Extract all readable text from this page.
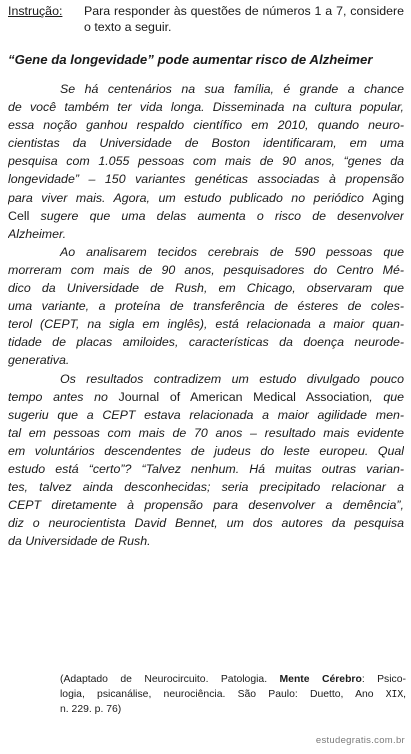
Instrução:	Para responder às questões de números 1 a 7, considere o texto a seguir.
“Gene da longevidade” pode aumentar risco de Alzheimer
Se há centenários na sua família, é grande a chance
de você também ter vida longa. Disseminada na cultura popular,
essa noção ganhou respaldo científico em 2010, quando neuro-
cientistas da Universidade de Boston identificaram, em uma
pesquisa com 1.055 pessoas com mais de 90 anos, “genes da
longevidade” – 150 variantes genéticas associadas à propensão
para viver mais. Agora, um estudo publicado no periódico Aging
Cell sugere que uma delas aumenta o risco de desenvolver
Alzheimer.
Ao analisarem tecidos cerebrais de 590 pessoas que
morreram com mais de 90 anos, pesquisadores do Centro Mé-
dico da Universidade de Rush, em Chicago, observaram que
uma variante, a proteína de transferência de ésteres de coles-
terol (CEPT, na sigla em inglês), está relacionada a maior quan-
tidade de placas amiloides, características da doença neurode-
generativa.
Os resultados contradizem um estudo divulgado pouco
tempo antes no Journal of American Medical Association, que
sugeriu que a CEPT estava relacionada a maior agilidade men-
tal em pessoas com mais de 70 anos – resultado mais evidente
em voluntários descendentes de judeus do leste europeu. Qual
estudo está “certo”? “Talvez nenhum. Há muitas outras varian-
tes, talvez ainda desconhecidas; seria precipitado relacionar a
CEPT diretamente à propensão para desenvolver a demência”,
diz o neurocientista David Bennet, um dos autores da pesquisa
da Universidade de Rush.
(Adaptado de Neurocircuito. Patologia. Mente Cérebro: Psico-
logia, psicanálise, neurociência. São Paulo: Duetto, Ano XIX,
n. 229. p. 76)
estudegratis.com.br
